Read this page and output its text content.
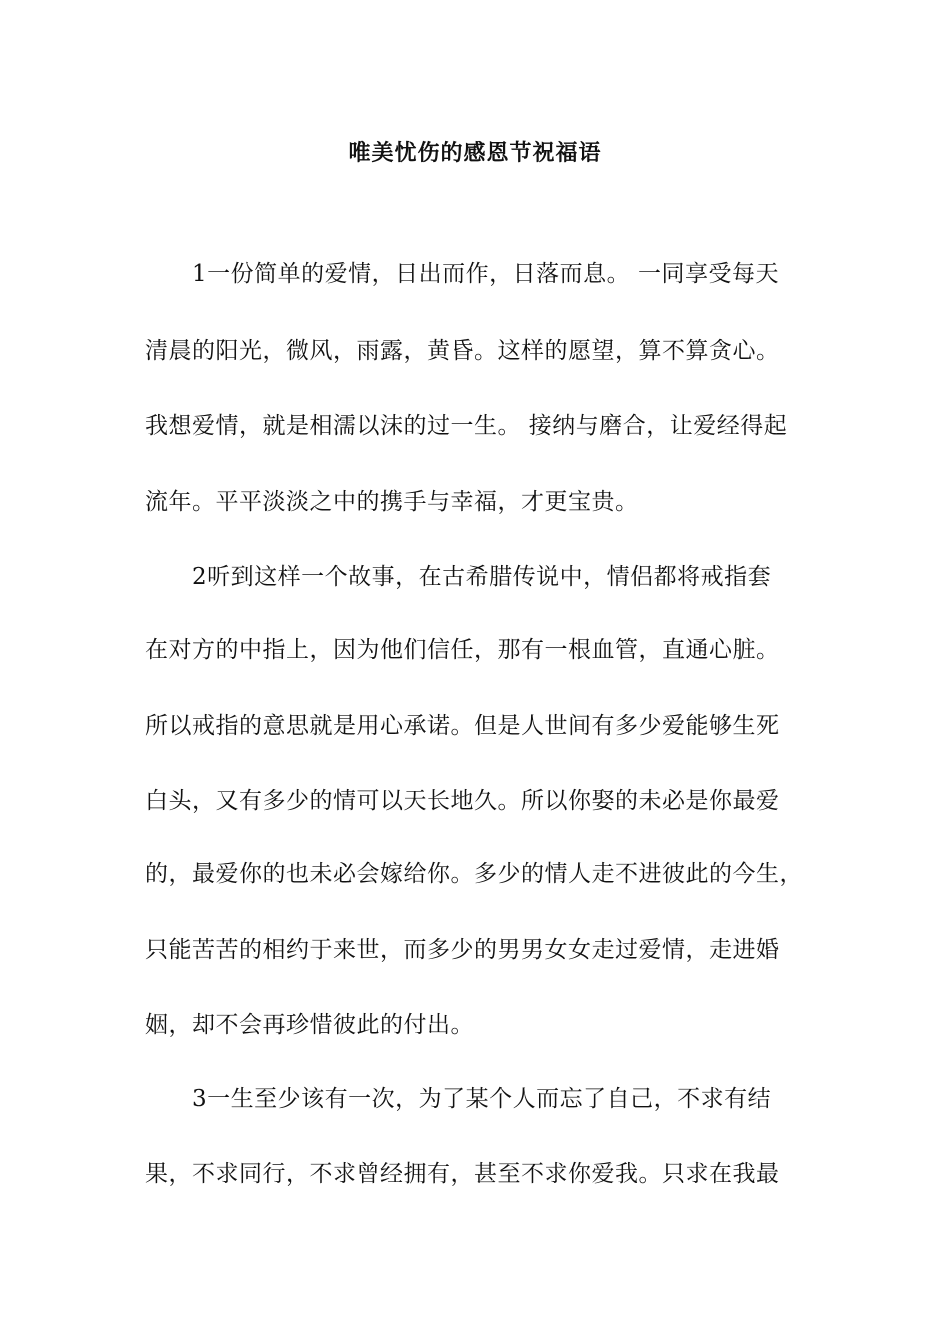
唯美忧伤的感恩节祝福语
1一份简单的爱情，日出而作，日落而息。 一同享受每天
清晨的阳光，微风，雨露，黄昏。这样的愿望，算不算贪心。
我想爱情，就是相濡以沫的过一生。 接纳与磨合，让爱经得起
流年。平平淡淡之中的携手与幸福，才更宝贵。
2听到这样一个故事，在古希腊传说中，情侣都将戒指套
在对方的中指上，因为他们信任，那有一根血管，直通心脏。
所以戒指的意思就是用心承诺。但是人世间有多少爱能够生死
白头，又有多少的情可以天长地久。所以你娶的未必是你最爱
的，最爱你的也未必会嫁给你。多少的情人走不进彼此的今生，
只能苦苦的相约于来世，而多少的男男女女走过爱情，走进婚
姻，却不会再珍惜彼此的付出。
3一生至少该有一次，为了某个人而忘了自己，不求有结
果，不求同行，不求曾经拥有，甚至不求你爱我。只求在我最
